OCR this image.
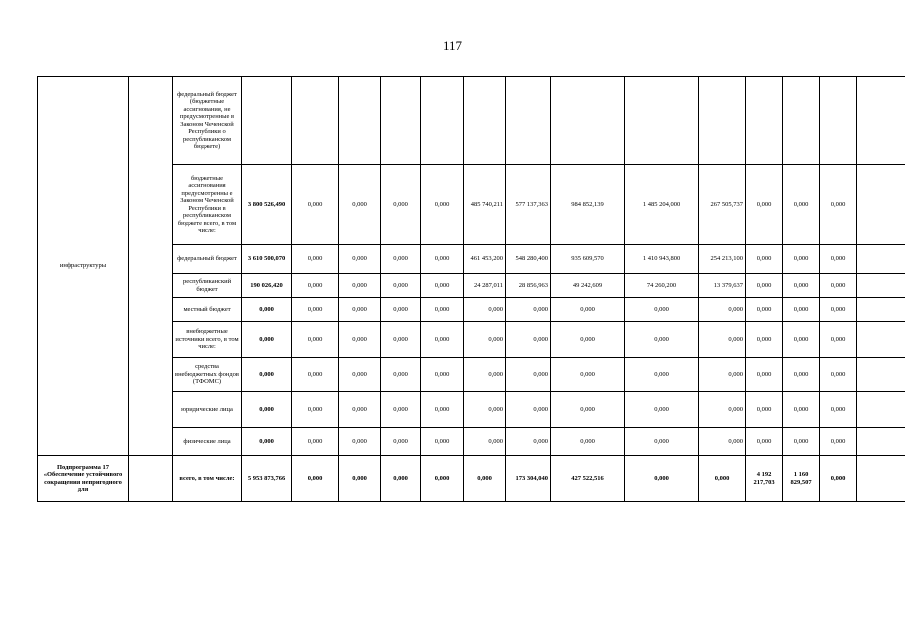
117
инфраструктуры		федеральный бюджет (бюджетные ассигнования, не предусмотренные в Законом Чеченской Республики о республиканском бюджете)															
		бюджетные ассигнования предусмотренны е Законом Чеченской Республики в республиканском бюджете всего, в том числе:	3 800 526,490	0,000	0,000	0,000	0,000	485 740,211	577 137,363	984 852,139	1 485 204,000	267 505,737	0,000	0,000	0,000		
		федеральный бюджет	3 610 500,070	0,000	0,000	0,000	0,000	461 453,200	548 280,400	935 609,570	1 410 943,800	254 213,100	0,000	0,000	0,000		
		республиканский бюджет	190 026,420	0,000	0,000	0,000	0,000	24 287,011	28 856,963	49 242,609	74 260,200	13 379,637	0,000	0,000	0,000		
		местный бюджет	0,000	0,000	0,000	0,000	0,000	0,000	0,000	0,000	0,000	0,000	0,000	0,000	0,000		
		внебюджетные источники всего, в том числе:	0,000	0,000	0,000	0,000	0,000	0,000	0,000	0,000	0,000	0,000	0,000	0,000	0,000		
		средства внебюджетных фондов (ТФОМС)	0,000	0,000	0,000	0,000	0,000	0,000	0,000	0,000	0,000	0,000	0,000	0,000	0,000		
		юридические лица	0,000	0,000	0,000	0,000	0,000	0,000	0,000	0,000	0,000	0,000	0,000	0,000	0,000		
		физические лица	0,000	0,000	0,000	0,000	0,000	0,000	0,000	0,000	0,000	0,000	0,000	0,000	0,000		
Подпрограмма 17 «Обеспечение устойчивого сокращения непригодного для		всего, в том числе:	5 953 873,766	0,000	0,000	0,000	0,000	0,000	173 304,040	427 522,516	0,000	0,000	4 192 217,703	1 160 829,507	0,000		
